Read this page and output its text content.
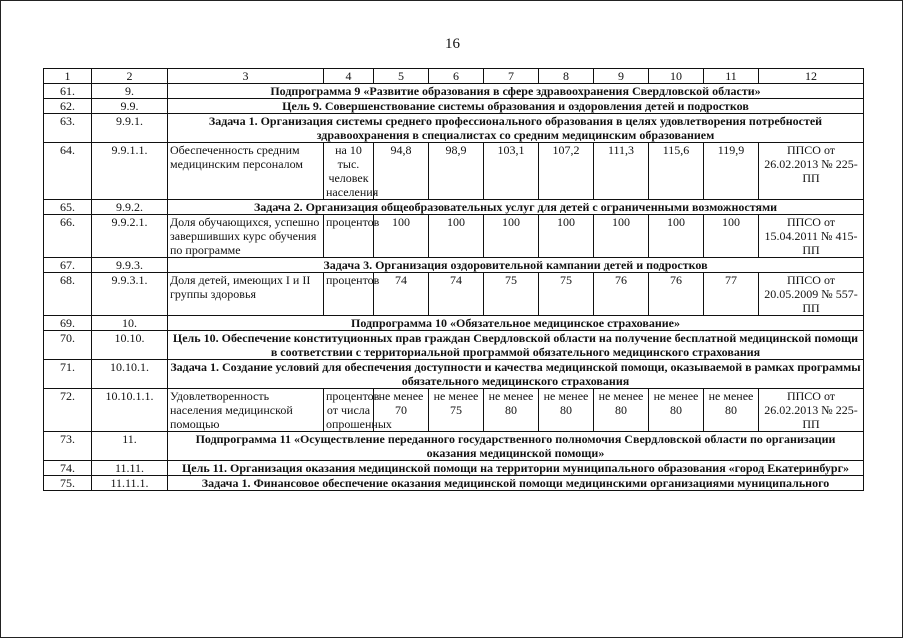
16
1	2	3	4	5	6	7	8	9	10	11	12
61.	9.	Подпрограмма 9 «Развитие образования в сфере здравоохранения Свердловской области»									
62.	9.9.	Цель 9. Совершенствование системы образования и оздоровления детей и подростков									
63.	9.9.1.	Задача 1. Организация системы среднего профессионального образования в целях удовлетворения потребностей здравоохранения в специалистах со средним медицинским образованием									
64.	9.9.1.1.	Обеспеченность средним медицинским персоналом	на 10 тыс. человек населения	94,8	98,9	103,1	107,2	111,3	115,6	119,9	ППСО от 26.02.2013 № 225-ПП
65.	9.9.2.	Задача 2. Организация общеобразовательных услуг для детей с ограниченными возможностями									
66.	9.9.2.1.	Доля обучающихся, успешно завершивших курс обучения по программе	процентов	100	100	100	100	100	100	100	ППСО от 15.04.2011 № 415-ПП
67.	9.9.3.	Задача 3. Организация оздоровительной кампании детей и подростков									
68.	9.9.3.1.	Доля детей, имеющих I и II группы здоровья	процентов	74	74	75	75	76	76	77	ППСО от 20.05.2009 № 557-ПП
69.	10.	Подпрограмма 10 «Обязательное медицинское страхование»									
70.	10.10.	Цель 10. Обеспечение конституционных прав граждан Свердловской области на получение бесплатной медицинской помощи в соответствии с территориальной программой обязательного медицинского страхования									
71.	10.10.1.	Задача 1. Создание условий для обеспечения доступности и качества медицинской помощи, оказываемой в рамках программы обязательного медицинского страхования									
72.	10.10.1.1.	Удовлетворенность населения медицинской помощью	процентов от числа опрошенных	не менее 70	не менее 75	не менее 80	не менее 80	не менее 80	не менее 80	не менее 80	ППСО от 26.02.2013 № 225-ПП
73.	11.	Подпрограмма 11 «Осуществление переданного государственного полномочия Свердловской области по организации оказания медицинской помощи»									
74.	11.11.	Цель 11. Организация оказания медицинской помощи на территории муниципального образования «город Екатеринбург»									
75.	11.11.1.	Задача 1. Финансовое обеспечение оказания медицинской помощи медицинскими организациями муниципального									
